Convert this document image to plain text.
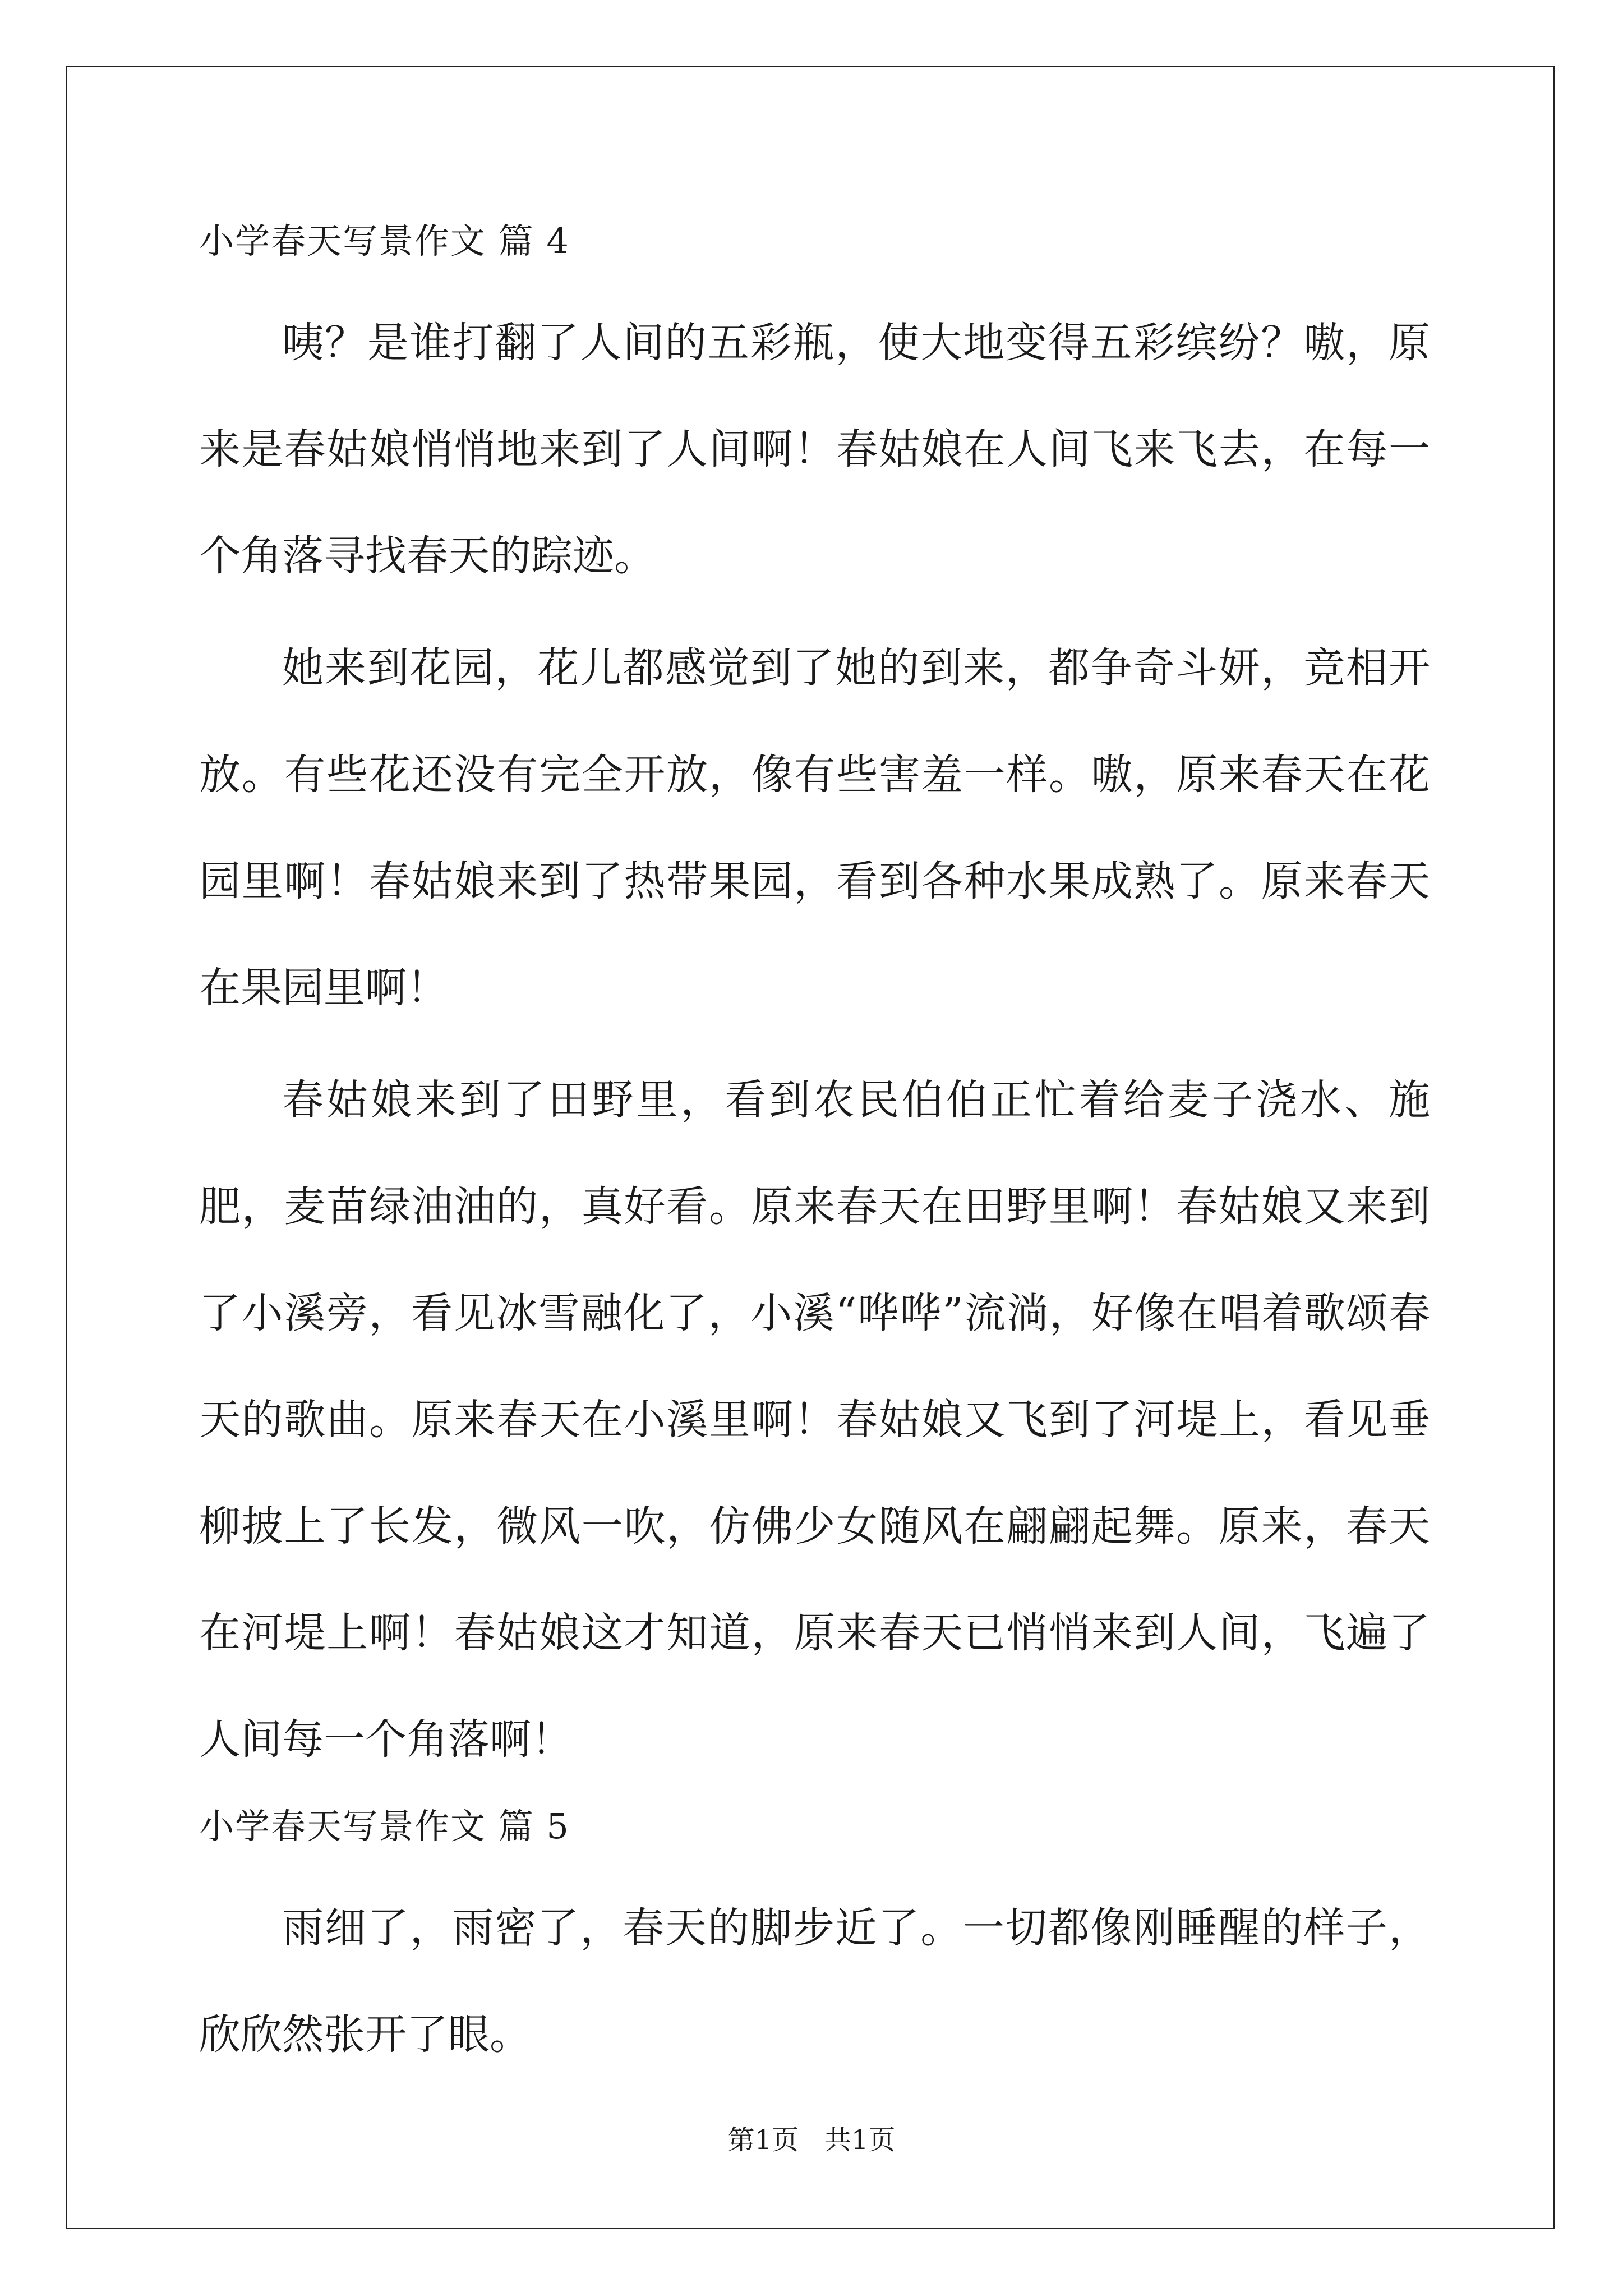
小学春天写景作文 篇 4

咦？是谁打翻了人间的五彩瓶，使大地变得五彩缤纷？嗷，原来是春姑娘悄悄地来到了人间啊！春姑娘在人间飞来飞去，在每一个角落寻找春天的踪迹。

她来到花园，花儿都感觉到了她的到来，都争奇斗妍，竞相开放。有些花还没有完全开放，像有些害羞一样。嗷，原来春天在花园里啊！春姑娘来到了热带果园，看到各种水果成熟了。原来春天在果园里啊！

春姑娘来到了田野里，看到农民伯伯正忙着给麦子浇水、施肥，麦苗绿油油的，真好看。原来春天在田野里啊！春姑娘又来到了小溪旁，看见冰雪融化了，小溪“哗哗”流淌，好像在唱着歌颂春天的歌曲。原来春天在小溪里啊！春姑娘又飞到了河堤上，看见垂柳披上了长发，微风一吹，仿佛少女随风在翩翩起舞。原来，春天在河堤上啊！春姑娘这才知道，原来春天已悄悄来到人间，飞遍了人间每一个角落啊！

小学春天写景作文 篇 5

雨细了，雨密了，春天的脚步近了。一切都像刚睡醒的样子，欣欣然张开了眼。

第1页   共1页
